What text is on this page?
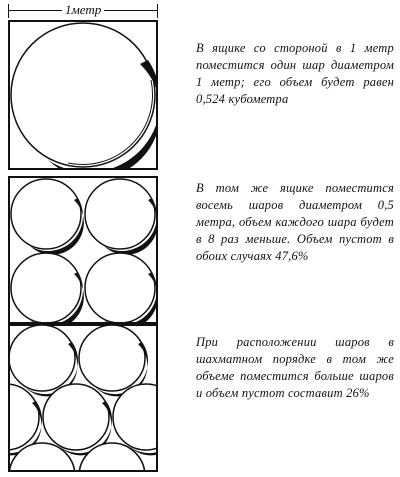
1метр
В ящике со стороной в 1 метр поместится один шар диаметром 1 метр; его объем будет равен 0,524 кубометра
В том же ящике поместится восемь шаров диаметром 0,5 метра, объем каждого шара будет в 8 раз меньше. Объем пустот в обоих случаях 47,6%
При расположении шаров в шахматном порядке в том же объеме поместится больше шаров и объем пустот составит 26%
